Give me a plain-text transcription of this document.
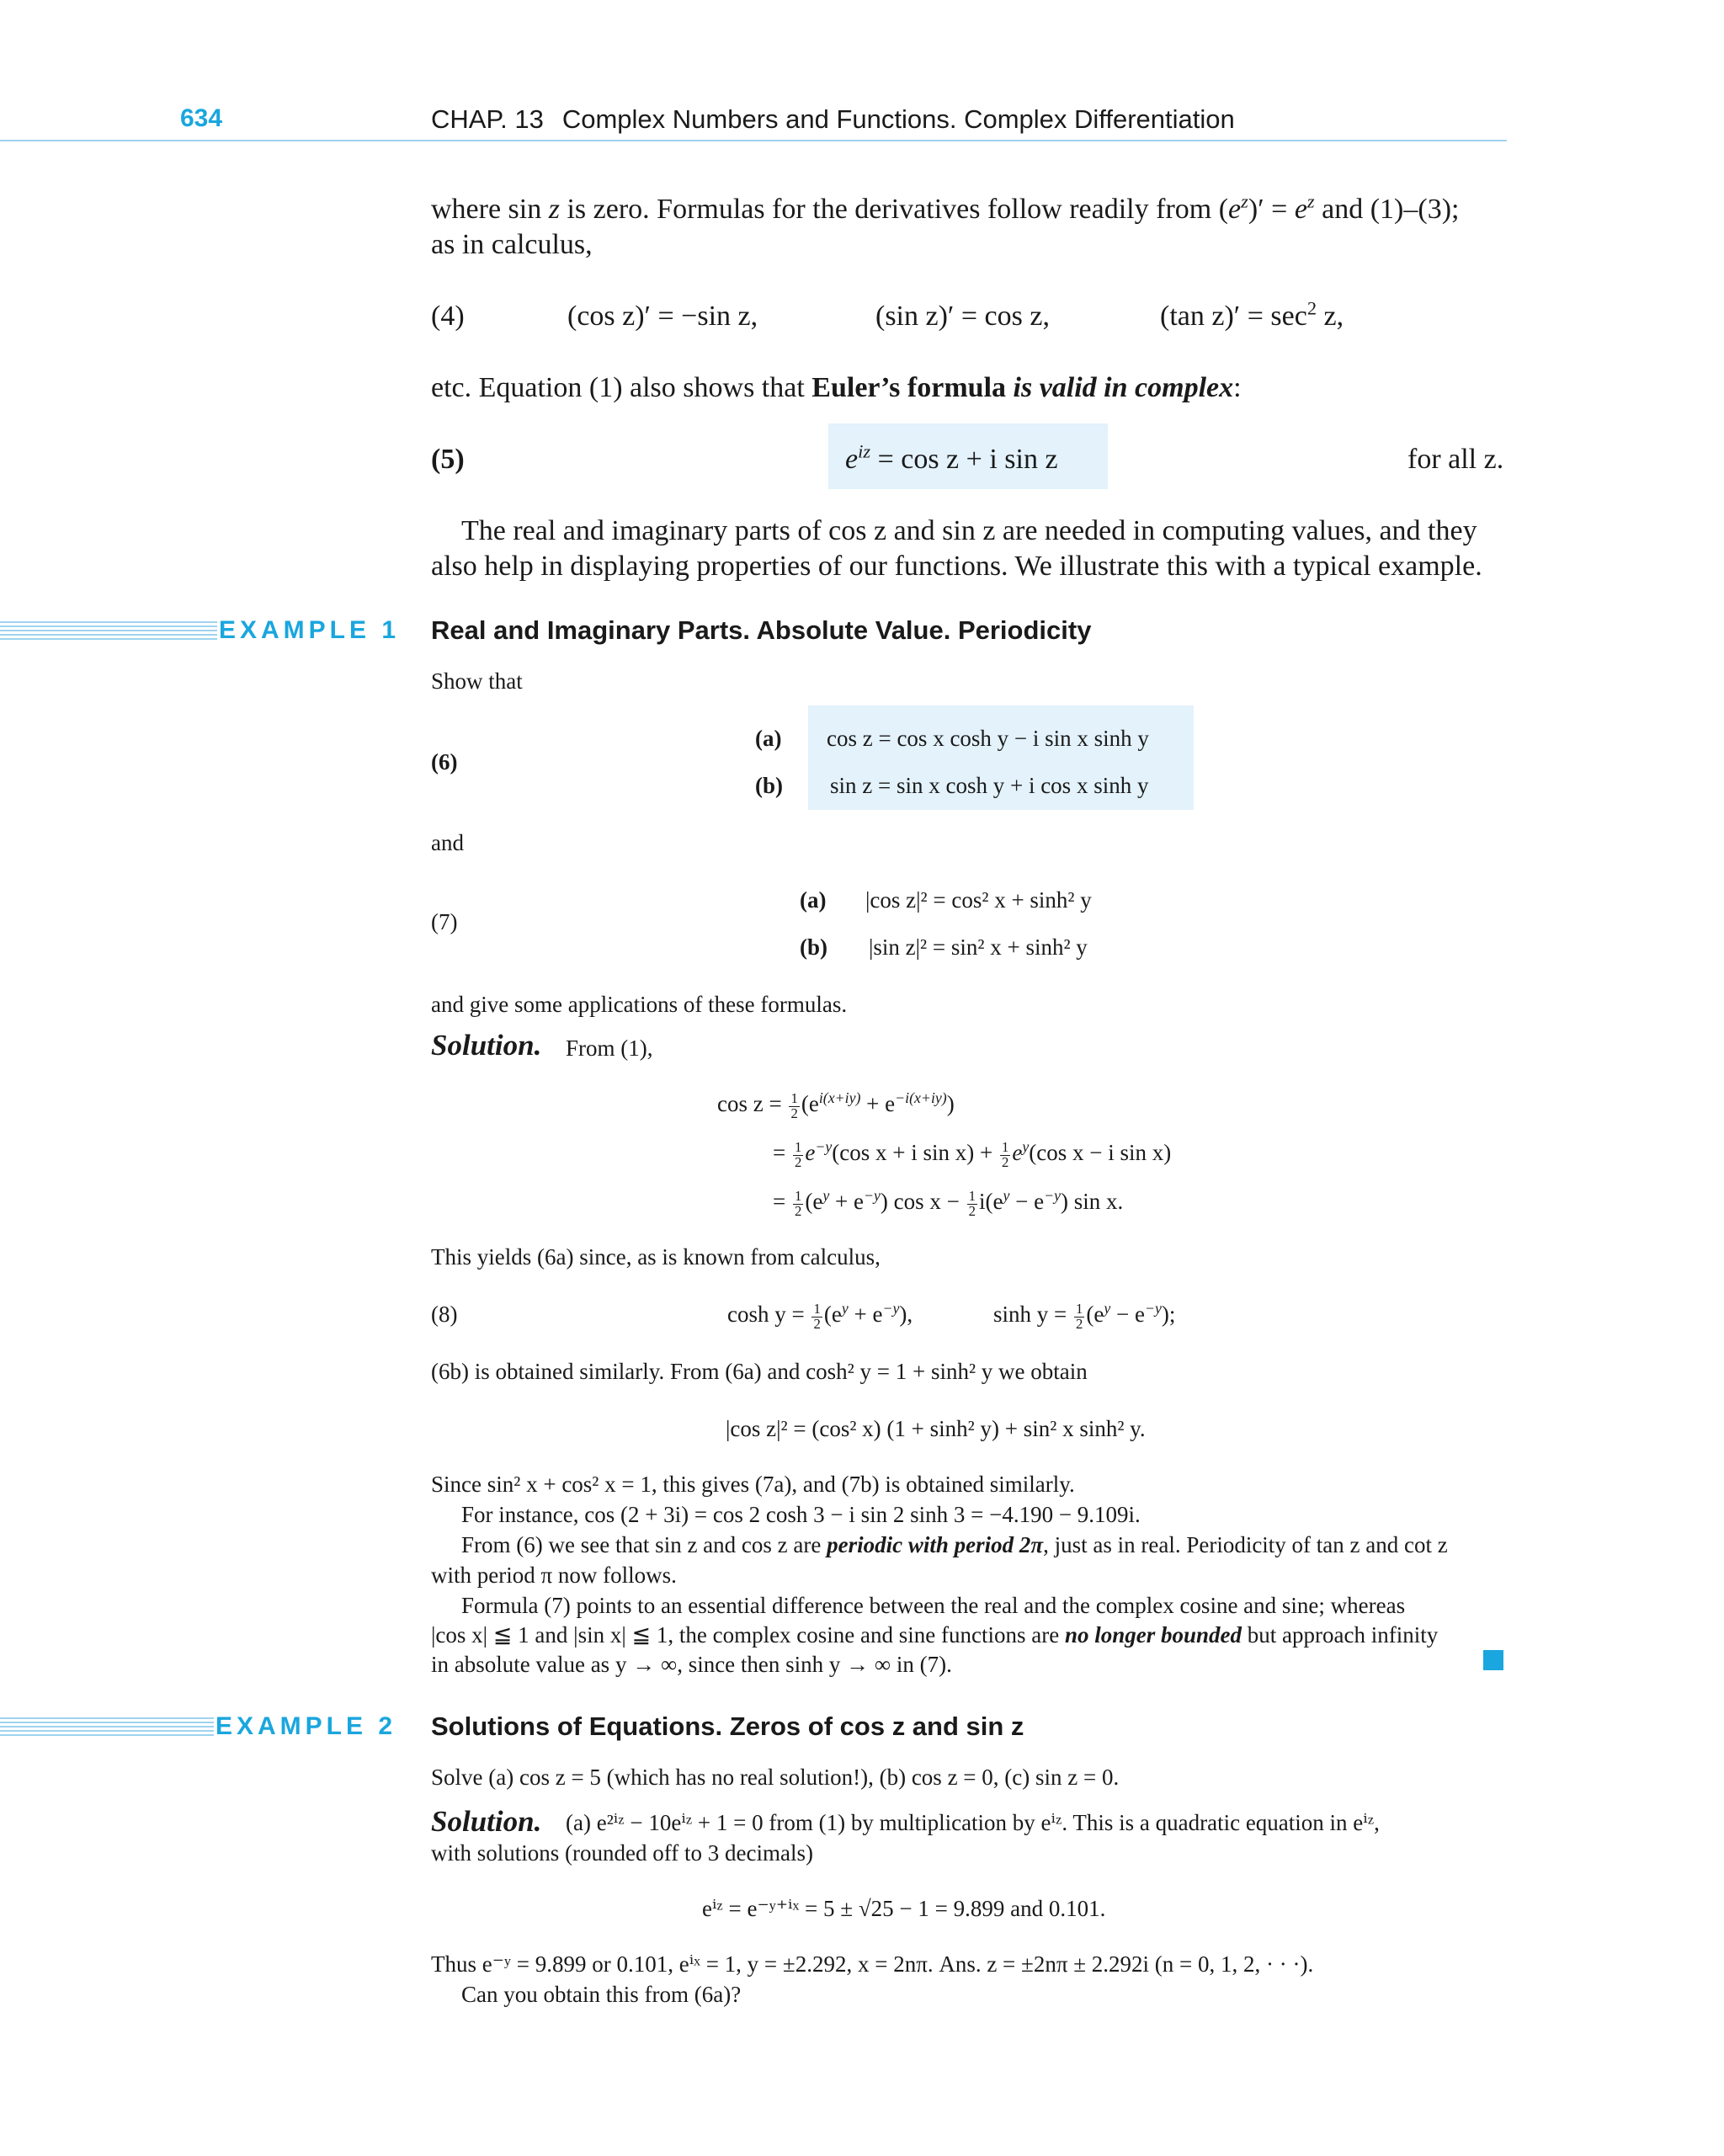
634	CHAP. 13 Complex Numbers and Functions. Complex Differentiation
where sin z is zero. Formulas for the derivatives follow readily from $(e^z)' = e^z$ and (1)–(3);
as in calculus,
(4)	(cos z)′ = −sin z,	(sin z)′ = cos z,	(tan $z)' = \sec^2 z$,
etc. Equation (1) also shows that Euler’s formula is valid in complex:
(5)	$e^{iz} = \cos z + i$ sin z	for all z.
The real and imaginary parts of cos z and sin z are needed in computing values, and they
also help in displaying properties of our functions. We illustrate this with a typical example.
EXAMPLE 1 Real and Imaginary Parts. Absolute Value. Periodicity
Show that
(6)
(a) cos z = cos x cosh y − i sin x sinh y
(b) sin z = sin x cosh y + i cos x sinh y
and
(7)
(a) |cos z|² = cos² x + sinh² y
(b) |sin z|² = sin² x + sinh² y
and give some applications of these formulas.
Solution. From (1),
$\cos z = \frac{1}{2} (e^{i(x+iy)} + e^{-i(x+iy)})$
= $\frac{1}{2} e^{-y}(\cos$ x + i $\sin x) + \frac{1}{2} e^y(\cos$ x − i sin x)
= $\frac{1}{2} (e^y + e^{-y})$ $\cos x - \frac{1}{2} i(e^y - e^{-y})$ sin x.
This yields (6a) since, as is known from calculus,
(8)	$\cosh y = \frac{1}{2} (e^y + e^{-y})$,	$\sinh y = \frac{1}{2} (e^y - e^{-y})$;
(6b) is obtained similarly. From (6a) and cosh² y = 1 + sinh² y we obtain
|cos z|² = (cos² x) (1 + sinh² y) + sin² x sinh² y.
Since sin² x + cos² x = 1, this gives (7a), and (7b) is obtained similarly.
For instance, cos (2 + 3i) = cos 2 cosh 3 − i sin 2 sinh 3 = −4.190 − 9.109i.
From (6) we see that sin z and cos z are periodic with period 2π, just as in real. Periodicity of tan z and cot z
with period π now follows.
Formula (7) points to an essential difference between the real and the complex cosine and sine; whereas
|cos x| ≦ 1 and |sin x| ≦ 1, the complex cosine and sine functions are no longer bounded but approach infinity
in absolute value as y → ∞, since then sinh y → ∞ in (7).
EXAMPLE 2 Solutions of Equations. Zeros of cos z and sin z
Solve (a) cos z = 5 (which has no real solution!), (b) cos z = 0, (c) sin z = 0.
Solution. (a) e²ⁱᶻ − 10eⁱᶻ + 1 = 0 from (1) by multiplication by eⁱᶻ. This is a quadratic equation in eⁱᶻ,
with solutions (rounded off to 3 decimals)
eⁱᶻ = e⁻ʸ⁺ⁱˣ = 5 ± √25 − 1 = 9.899 and 0.101.
Thus e⁻ʸ = 9.899 or 0.101, eⁱˣ = 1, y = ±2.292, x = 2nπ. Ans. z = ±2nπ ± 2.292i (n = 0, 1, 2, · · ·).
Can you obtain this from (6a)?
